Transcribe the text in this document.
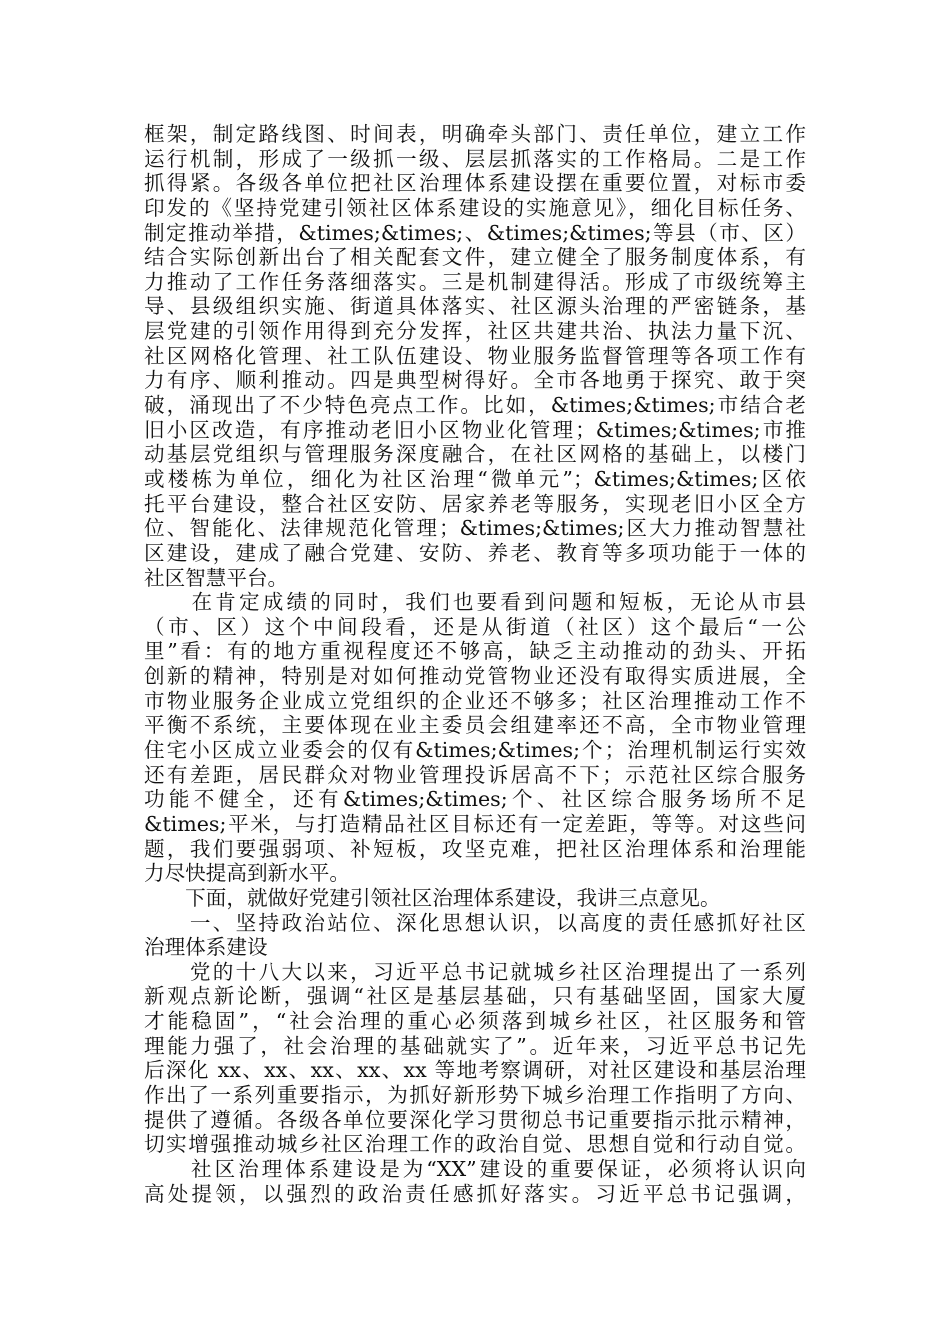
框架，制定路线图、时间表，明确牵头部门、责任单位，建立工作
运行机制，形成了一级抓一级、层层抓落实的工作格局。二是工作
抓得紧。各级各单位把社区治理体系建设摆在重要位置，对标市委
印发的《坚持党建引领社区体系建设的实施意见》，细化目标任务、
制定推动举措，&times;&times;、&times;&times;等县（市、区）
结合实际创新出台了相关配套文件，建立健全了服务制度体系，有
力推动了工作任务落细落实。三是机制建得活。形成了市级统筹主
导、县级组织实施、街道具体落实、社区源头治理的严密链条，基
层党建的引领作用得到充分发挥，社区共建共治、执法力量下沉、
社区网格化管理、社工队伍建设、物业服务监督管理等各项工作有
力有序、顺利推动。四是典型树得好。全市各地勇于探究、敢于突
破，涌现出了不少特色亮点工作。比如，&times;&times;市结合老
旧小区改造，有序推动老旧小区物业化管理；&times;&times;市推
动基层党组织与管理服务深度融合，在社区网格的基础上，以楼门
或楼栋为单位，细化为社区治理“微单元”；&times;&times;区依
托平台建设，整合社区安防、居家养老等服务，实现老旧小区全方
位、智能化、法律规范化管理；&times;&times;区大力推动智慧社
区建设，建成了融合党建、安防、养老、教育等多项功能于一体的
社区智慧平台。
　　在肯定成绩的同时，我们也要看到问题和短板，无论从市县
（市、区）这个中间段看，还是从街道（社区）这个最后“一公
里”看：有的地方重视程度还不够高，缺乏主动推动的劲头、开拓
创新的精神，特别是对如何推动党管物业还没有取得实质进展，全
市物业服务企业成立党组织的企业还不够多；社区治理推动工作不
平衡不系统，主要体现在业主委员会组建率还不高，全市物业管理
住宅小区成立业委会的仅有&times;&times;个；治理机制运行实效
还有差距，居民群众对物业管理投诉居高不下；示范社区综合服务
功能不健全，还有&times;&times;个、社区综合服务场所不足
&times;平米，与打造精品社区目标还有一定差距，等等。对这些问
题，我们要强弱项、补短板，攻坚克难，把社区治理体系和治理能
力尽快提高到新水平。
　　下面，就做好党建引领社区治理体系建设，我讲三点意见。
　　一、坚持政治站位、深化思想认识，以高度的责任感抓好社区
治理体系建设
　　党的十八大以来，习近平总书记就城乡社区治理提出了一系列
新观点新论断，强调“社区是基层基础，只有基础坚固，国家大厦
才能稳固”，“社会治理的重心必须落到城乡社区，社区服务和管
理能力强了，社会治理的基础就实了”。近年来，习近平总书记先
后深化 xx、xx、xx、xx、xx 等地考察调研，对社区建设和基层治理
作出了一系列重要指示，为抓好新形势下城乡治理工作指明了方向、
提供了遵循。各级各单位要深化学习贯彻总书记重要指示批示精神，
切实增强推动城乡社区治理工作的政治自觉、思想自觉和行动自觉。
　　社区治理体系建设是为“XX”建设的重要保证，必须将认识向
高处提领，以强烈的政治责任感抓好落实。习近平总书记强调，
